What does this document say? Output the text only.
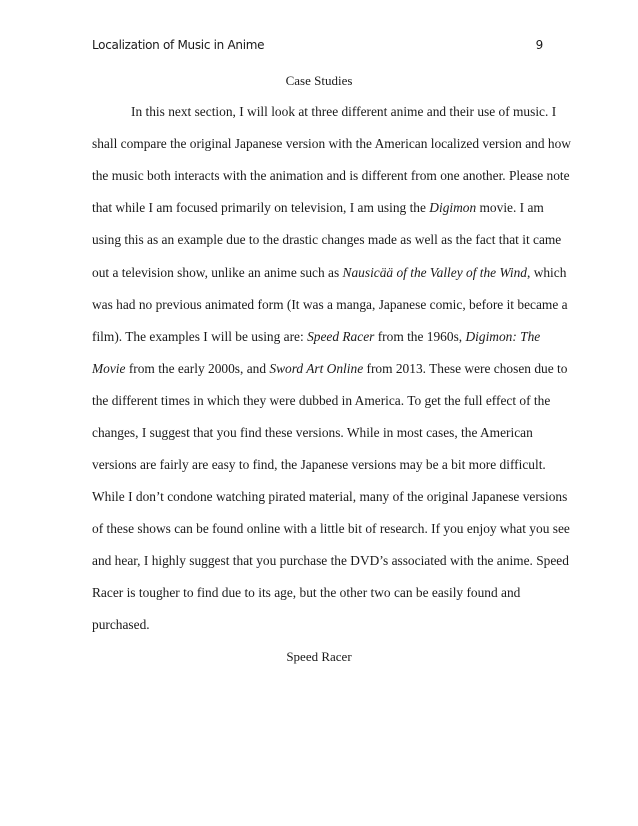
Localization of Music in Anime	9
Case Studies
In this next section, I will look at three different anime and their use of music. I
shall compare the original Japanese version with the American localized version and how
the music both interacts with the animation and is different from one another. Please note
that while I am focused primarily on television, I am using the Digimon movie. I am
using this as an example due to the drastic changes made as well as the fact that it came
out a television show, unlike an anime such as Nausicää of the Valley of the Wind, which
was had no previous animated form (It was a manga, Japanese comic, before it became a
film). The examples I will be using are: Speed Racer from the 1960s, Digimon: The
Movie from the early 2000s, and Sword Art Online from 2013. These were chosen due to
the different times in which they were dubbed in America. To get the full effect of the
changes, I suggest that you find these versions. While in most cases, the American
versions are fairly are easy to find, the Japanese versions may be a bit more difficult.
While I don’t condone watching pirated material, many of the original Japanese versions
of these shows can be found online with a little bit of research. If you enjoy what you see
and hear, I highly suggest that you purchase the DVD’s associated with the anime. Speed
Racer is tougher to find due to its age, but the other two can be easily found and
purchased.
Speed Racer
